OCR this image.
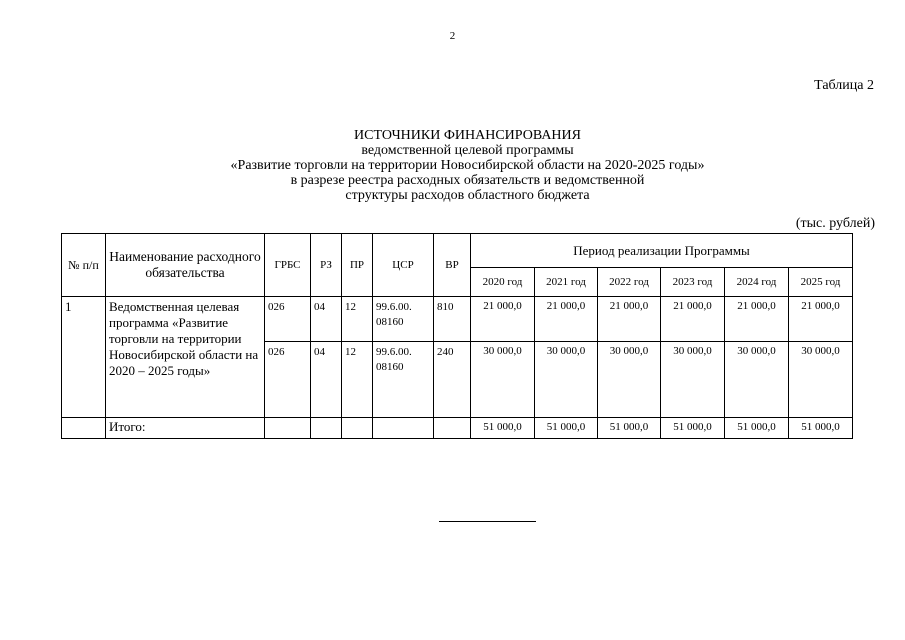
2
Таблица 2
ИСТОЧНИКИ ФИНАНСИРОВАНИЯ
ведомственной целевой программы
«Развитие торговли на территории Новосибирской области на 2020-2025 годы»
в разрезе реестра расходных обязательств и ведомственной
структуры расходов областного бюджета
(тыс. рублей)
№ п/п	Наименование расходного обязательства	ГРБС	РЗ	ПР	ЦСР	ВР	Период реализации Программы					
							2020 год	2021 год	2022 год	2023 год	2024 год	2025 год
1	Ведомственная целевая программа «Развитие торговли на территории Новосибирской области на 2020 – 2025 годы»	026	04	12	99.6.00. 08160	810	21 000,0	21 000,0	21 000,0	21 000,0	21 000,0	21 000,0
		026	04	12	99.6.00. 08160	240	30 000,0	30 000,0	30 000,0	30 000,0	30 000,0	30 000,0
	Итого:						51 000,0	51 000,0	51 000,0	51 000,0	51 000,0	51 000,0
